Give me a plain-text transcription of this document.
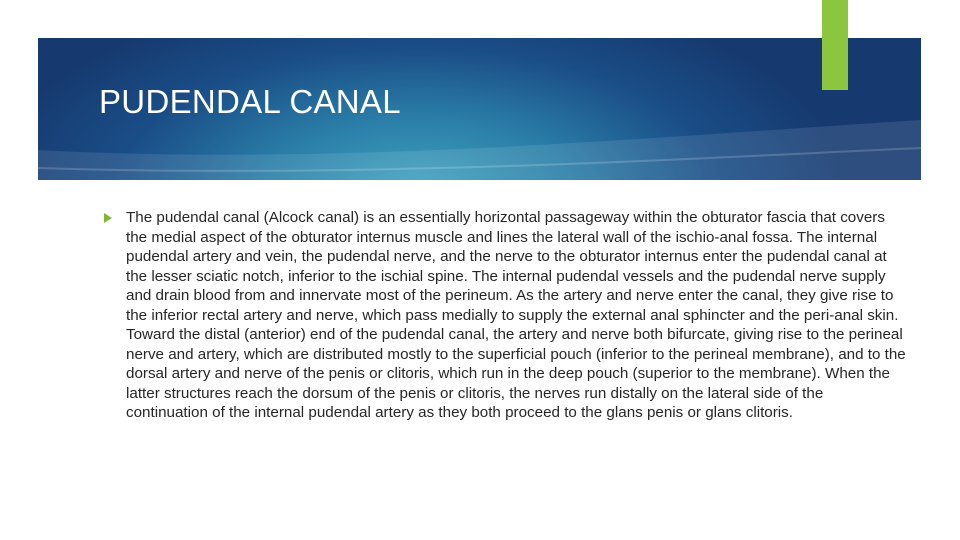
PUDENDAL CANAL

The pudendal canal (Alcock canal) is an essentially horizontal passageway within the obturator fascia that covers the medial aspect of the obturator internus muscle and lines the lateral wall of the ischio-anal fossa. The internal pudendal artery and vein, the pudendal nerve, and the nerve to the obturator internus enter the pudendal canal at the lesser sciatic notch, inferior to the ischial spine. The internal pudendal vessels and the pudendal nerve supply and drain blood from and innervate most of the perineum. As the artery and nerve enter the canal, they give rise to the inferior rectal artery and nerve, which pass medially to supply the external anal sphincter and the peri-anal skin. Toward the distal (anterior) end of the pudendal canal, the artery and nerve both bifurcate, giving rise to the perineal nerve and artery, which are distributed mostly to the superficial pouch (inferior to the perineal membrane), and to the dorsal artery and nerve of the penis or clitoris, which run in the deep pouch (superior to the membrane). When the latter structures reach the dorsum of the penis or clitoris, the nerves run distally on the lateral side of the continuation of the internal pudendal artery as they both proceed to the glans penis or glans clitoris.
